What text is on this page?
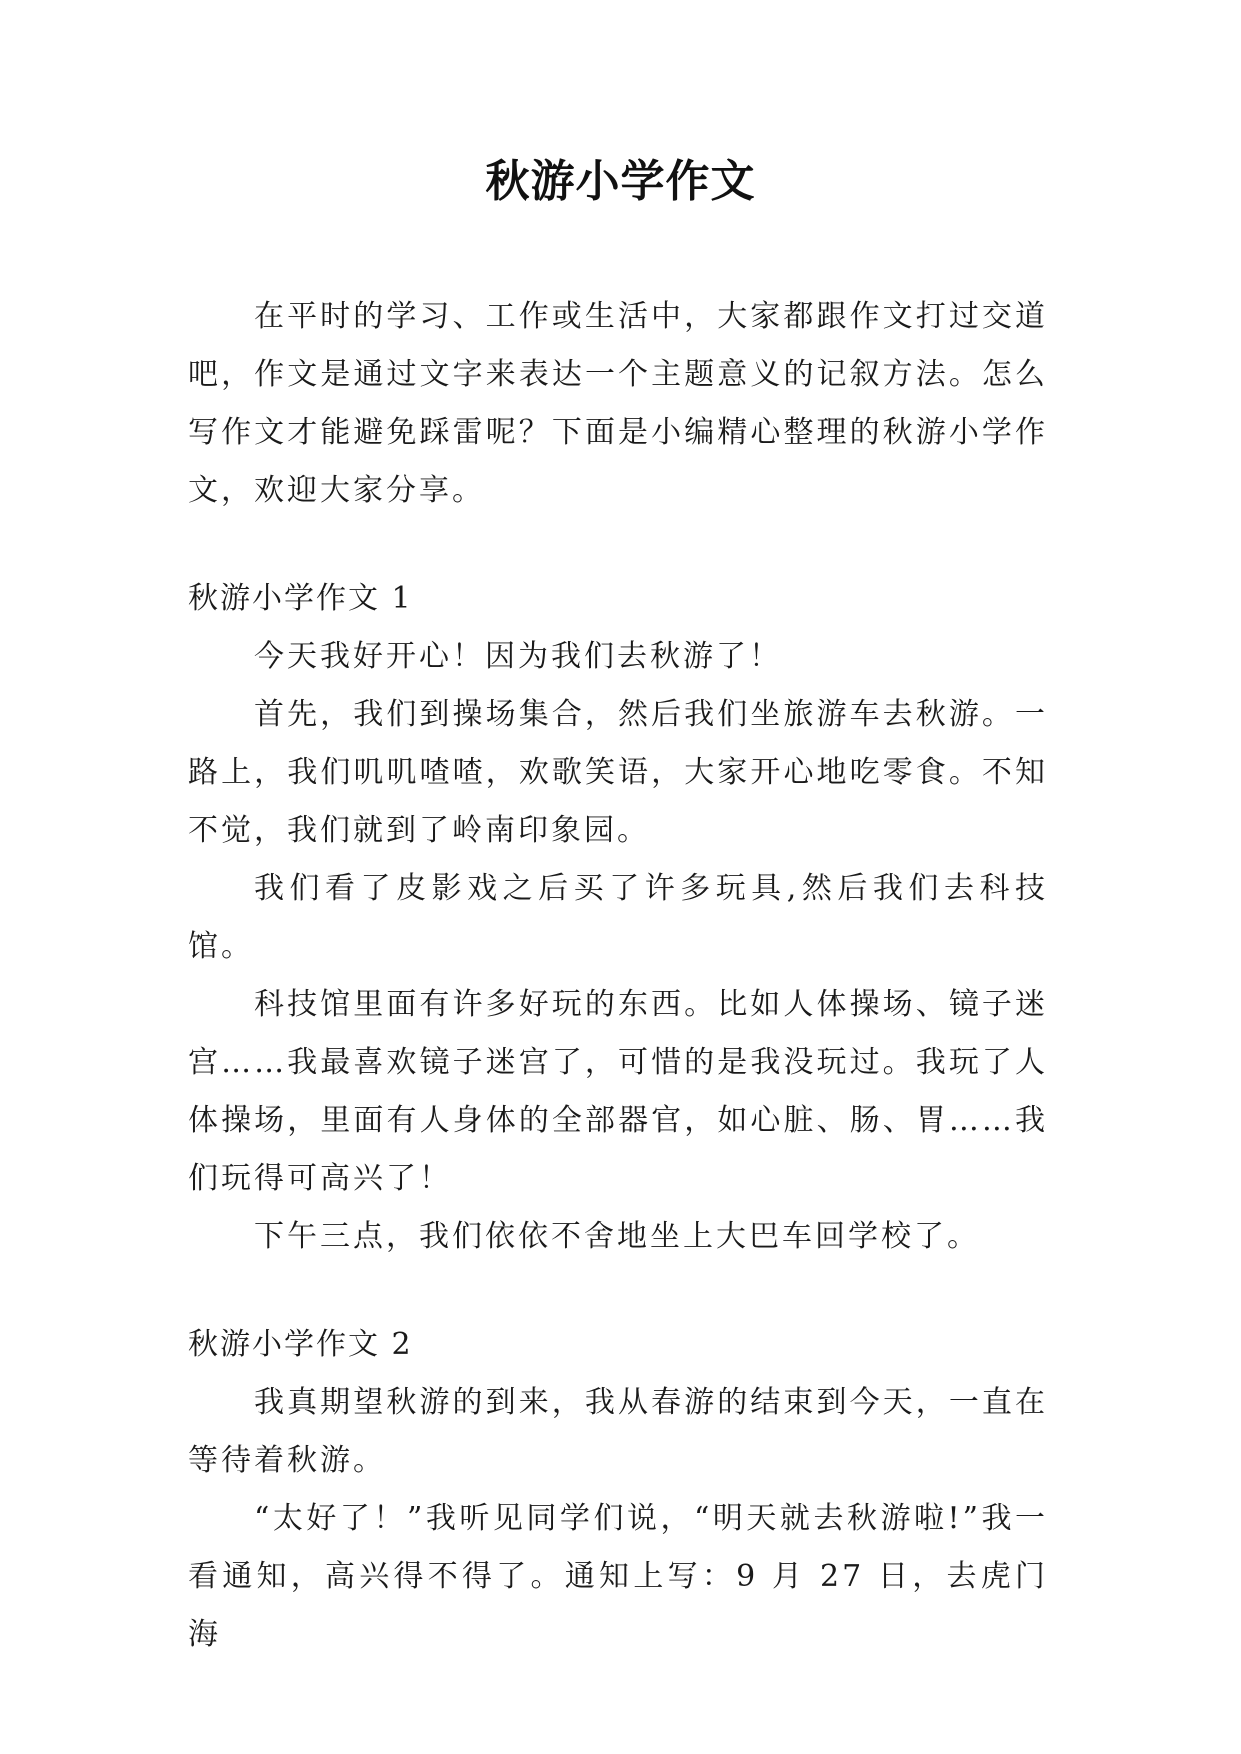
秋游小学作文

在平时的学习、工作或生活中，大家都跟作文打过交道吧，作文是通过文字来表达一个主题意义的记叙方法。怎么写作文才能避免踩雷呢？下面是小编精心整理的秋游小学作文，欢迎大家分享。

秋游小学作文 1

今天我好开心！因为我们去秋游了！

首先，我们到操场集合，然后我们坐旅游车去秋游。一路上，我们叽叽喳喳，欢歌笑语，大家开心地吃零食。不知不觉，我们就到了岭南印象园。

我们看了皮影戏之后买了许多玩具,然后我们去科技馆。

科技馆里面有许多好玩的东西。比如人体操场、镜子迷宫……我最喜欢镜子迷宫了，可惜的是我没玩过。我玩了人体操场，里面有人身体的全部器官，如心脏、肠、胃……我们玩得可高兴了！

下午三点，我们依依不舍地坐上大巴车回学校了。

秋游小学作文 2

我真期望秋游的到来，我从春游的结束到今天，一直在等待着秋游。

“太好了！”我听见同学们说，“明天就去秋游啦!”我一看通知，高兴得不得了。通知上写：9 月 27 日，去虎门海
